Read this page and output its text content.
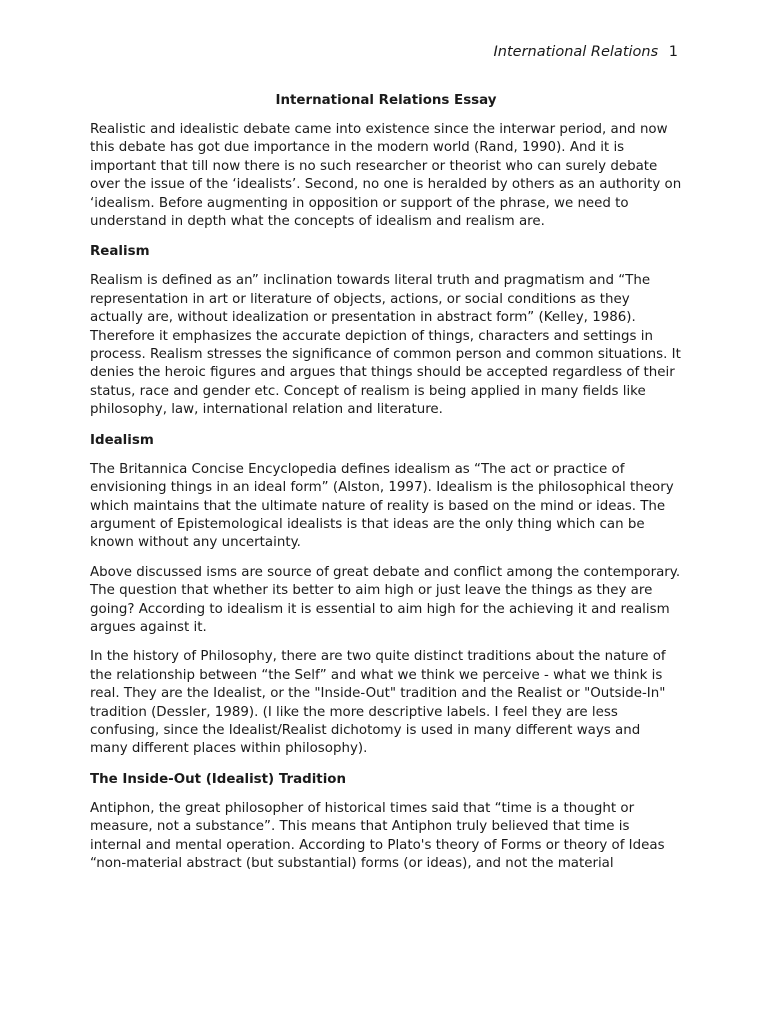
International Relations 1
International Relations Essay

Realistic and idealistic debate came into existence since the interwar period, and now this debate has got due importance in the modern world (Rand, 1990). And it is important that till now there is no such researcher or theorist who can surely debate over the issue of the ‘idealists’. Second, no one is heralded by others as an authority on ‘idealism. Before augmenting in opposition or support of the phrase, we need to understand in depth what the concepts of idealism and realism are.

Realism

Realism is defined as an” inclination towards literal truth and pragmatism and “The representation in art or literature of objects, actions, or social conditions as they actually are, without idealization or presentation in abstract form” (Kelley, 1986). Therefore it emphasizes the accurate depiction of things, characters and settings in process. Realism stresses the significance of common person and common situations. It denies the heroic figures and argues that things should be accepted regardless of their status, race and gender etc. Concept of realism is being applied in many fields like philosophy, law, international relation and literature.

Idealism

The Britannica Concise Encyclopedia defines idealism as “The act or practice of envisioning things in an ideal form” (Alston, 1997). Idealism is the philosophical theory which maintains that the ultimate nature of reality is based on the mind or ideas. The argument of Epistemological idealists is that ideas are the only thing which can be known without any uncertainty.

Above discussed isms are source of great debate and conflict among the contemporary. The question that whether its better to aim high or just leave the things as they are going? According to idealism it is essential to aim high for the achieving it and realism argues against it.

In the history of Philosophy, there are two quite distinct traditions about the nature of the relationship between “the Self” and what we think we perceive - what we think is real. They are the Idealist, or the "Inside-Out" tradition and the Realist or "Outside-In" tradition (Dessler, 1989). (I like the more descriptive labels. I feel they are less confusing, since the Idealist/Realist dichotomy is used in many different ways and many different places within philosophy).

The Inside-Out (Idealist) Tradition

Antiphon, the great philosopher of historical times said that “time is a thought or measure, not a substance”. This means that Antiphon truly believed that time is internal and mental operation. According to Plato's theory of Forms or theory of Ideas “non-material abstract (but substantial) forms (or ideas), and not the material
